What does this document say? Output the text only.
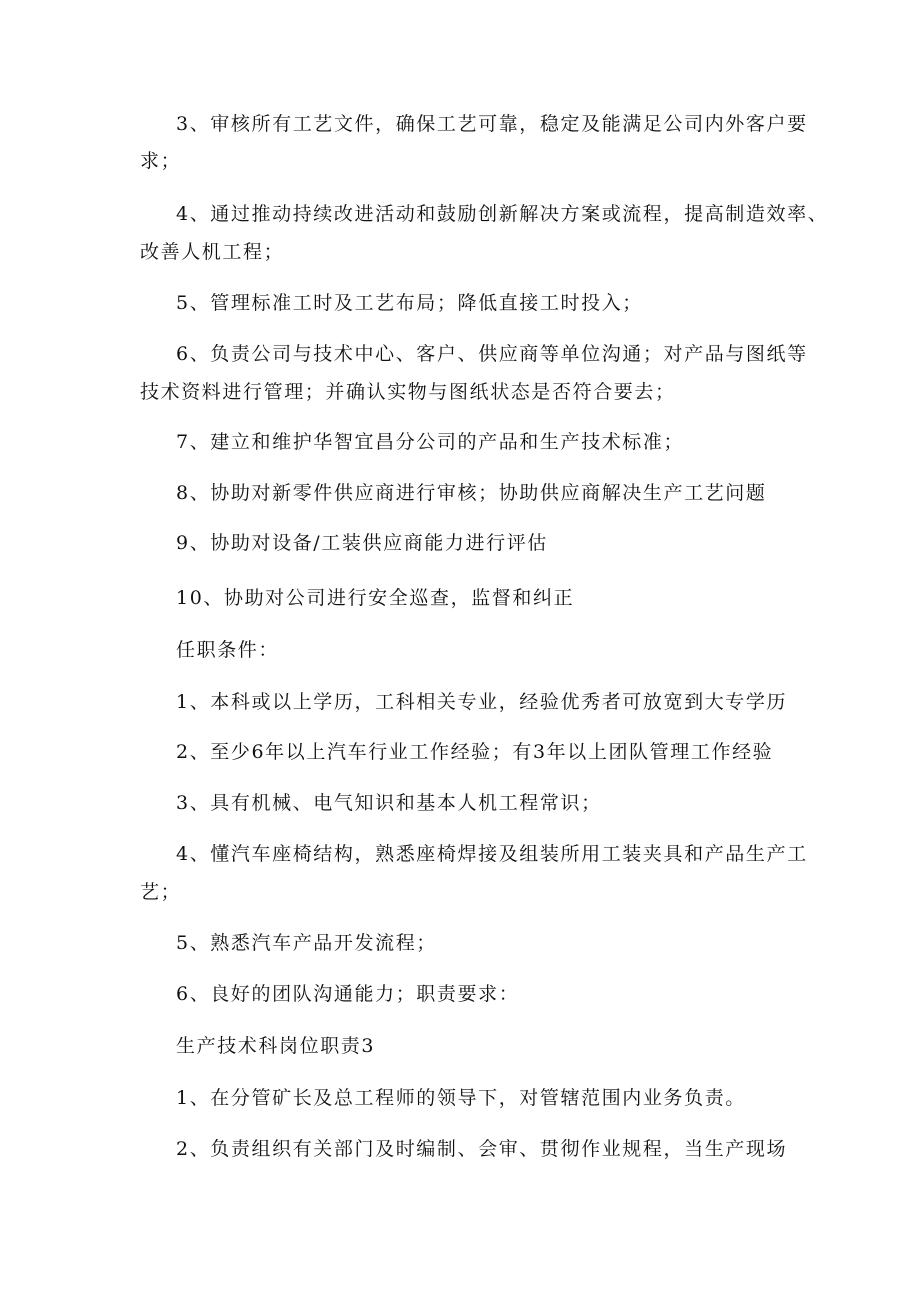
3、审核所有工艺文件，确保工艺可靠，稳定及能满足公司内外客户要
求；
4、通过推动持续改进活动和鼓励创新解决方案或流程，提高制造效率、
改善人机工程；
5、管理标准工时及工艺布局；降低直接工时投入；
6、负责公司与技术中心、客户、供应商等单位沟通；对产品与图纸等
技术资料进行管理；并确认实物与图纸状态是否符合要去；
7、建立和维护华智宜昌分公司的产品和生产技术标准；
8、协助对新零件供应商进行审核；协助供应商解决生产工艺问题
9、协助对设备/工装供应商能力进行评估
10、协助对公司进行安全巡查，监督和纠正
任职条件：
1、本科或以上学历，工科相关专业，经验优秀者可放宽到大专学历
2、至少6年以上汽车行业工作经验；有3年以上团队管理工作经验
3、具有机械、电气知识和基本人机工程常识；
4、懂汽车座椅结构，熟悉座椅焊接及组装所用工装夹具和产品生产工
艺；
5、熟悉汽车产品开发流程；
6、良好的团队沟通能力；职责要求：
生产技术科岗位职责3
1、在分管矿长及总工程师的领导下，对管辖范围内业务负责。
2、负责组织有关部门及时编制、会审、贯彻作业规程，当生产现场
